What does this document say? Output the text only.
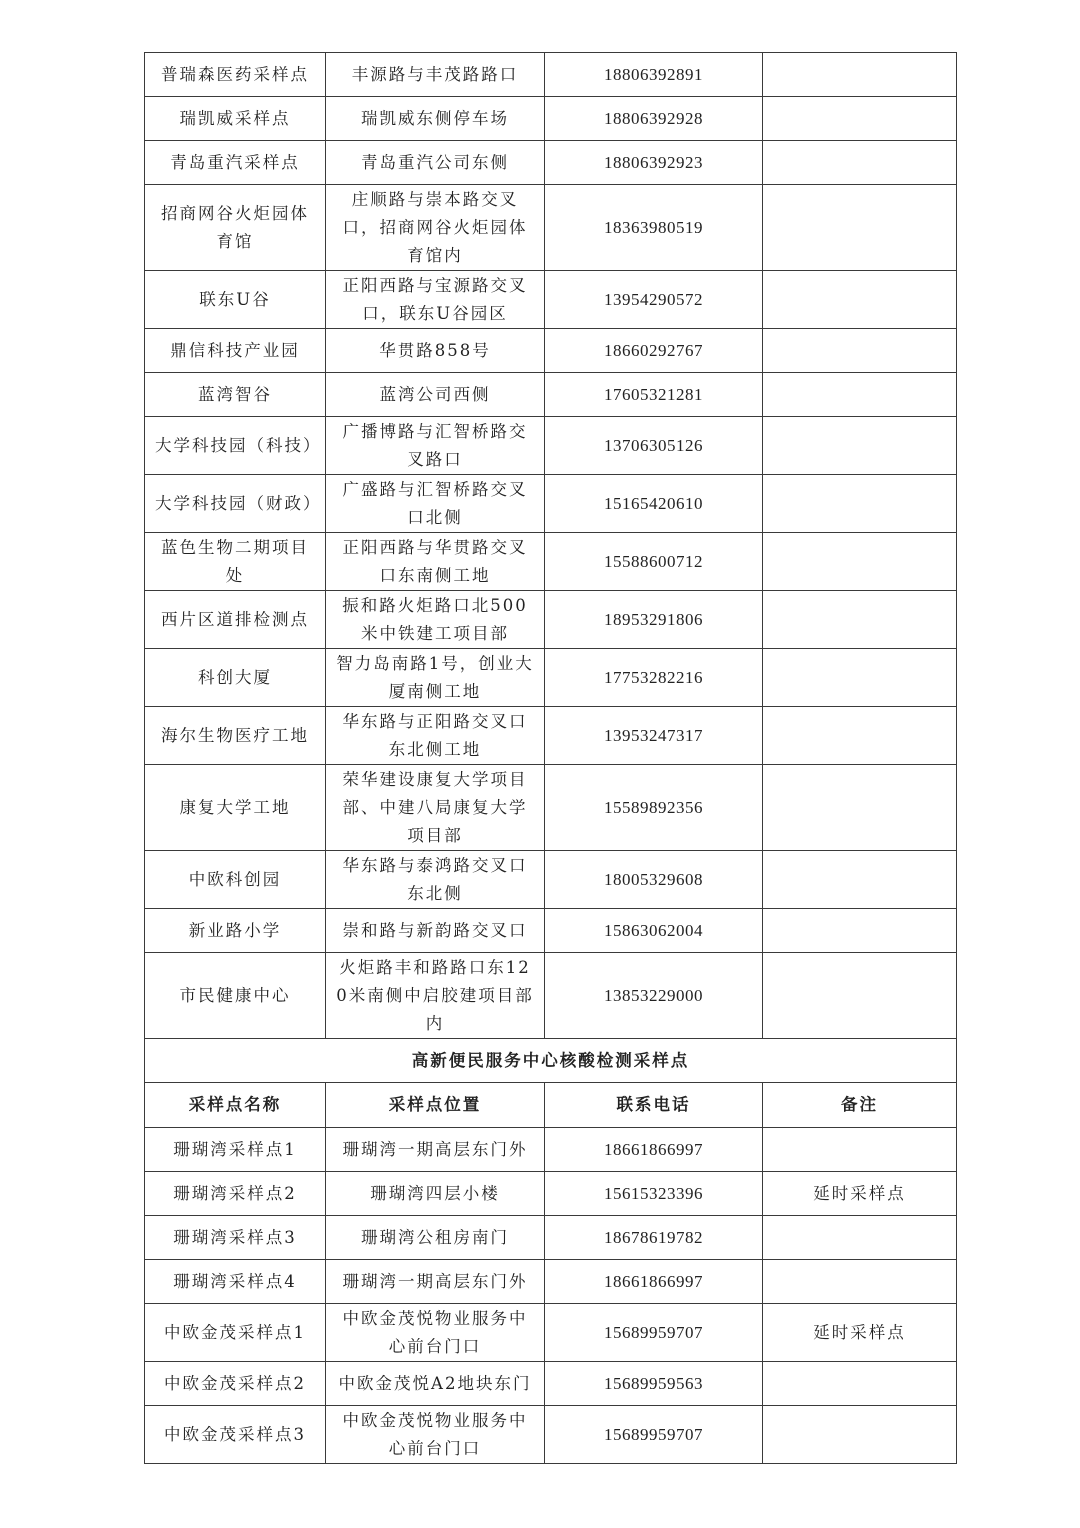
普瑞森医药采样点	丰源路与丰茂路路口	18806392891	
瑞凯威采样点	瑞凯威东侧停车场	18806392928	
青岛重汽采样点	青岛重汽公司东侧	18806392923	
招商网谷火炬园体育馆	庄顺路与崇本路交叉口，招商网谷火炬园体育馆内	18363980519	
联东U谷	正阳西路与宝源路交叉口，联东U谷园区	13954290572	
鼎信科技产业园	华贯路858号	18660292767	
蓝湾智谷	蓝湾公司西侧	17605321281	
大学科技园（科技）	广播博路与汇智桥路交叉路口	13706305126	
大学科技园（财政）	广盛路与汇智桥路交叉口北侧	15165420610	
蓝色生物二期项目处	正阳西路与华贯路交叉口东南侧工地	15588600712	
西片区道排检测点	振和路火炬路口北500米中铁建工项目部	18953291806	
科创大厦	智力岛南路1号，创业大厦南侧工地	17753282216	
海尔生物医疗工地	华东路与正阳路交叉口东北侧工地	13953247317	
康复大学工地	荣华建设康复大学项目部、中建八局康复大学项目部	15589892356	
中欧科创园	华东路与泰鸿路交叉口东北侧	18005329608	
新业路小学	崇和路与新韵路交叉口	15863062004	
市民健康中心	火炬路丰和路路口东120米南侧中启胶建项目部内	13853229000	
高新便民服务中心核酸检测采样点			
采样点名称	采样点位置	联系电话	备注
珊瑚湾采样点1	珊瑚湾一期高层东门外	18661866997	
珊瑚湾采样点2	珊瑚湾四层小楼	15615323396	延时采样点
珊瑚湾采样点3	珊瑚湾公租房南门	18678619782	
珊瑚湾采样点4	珊瑚湾一期高层东门外	18661866997	
中欧金茂采样点1	中欧金茂悦物业服务中心前台门口	15689959707	延时采样点
中欧金茂采样点2	中欧金茂悦A2地块东门	15689959563	
中欧金茂采样点3	中欧金茂悦物业服务中心前台门口	15689959707	
